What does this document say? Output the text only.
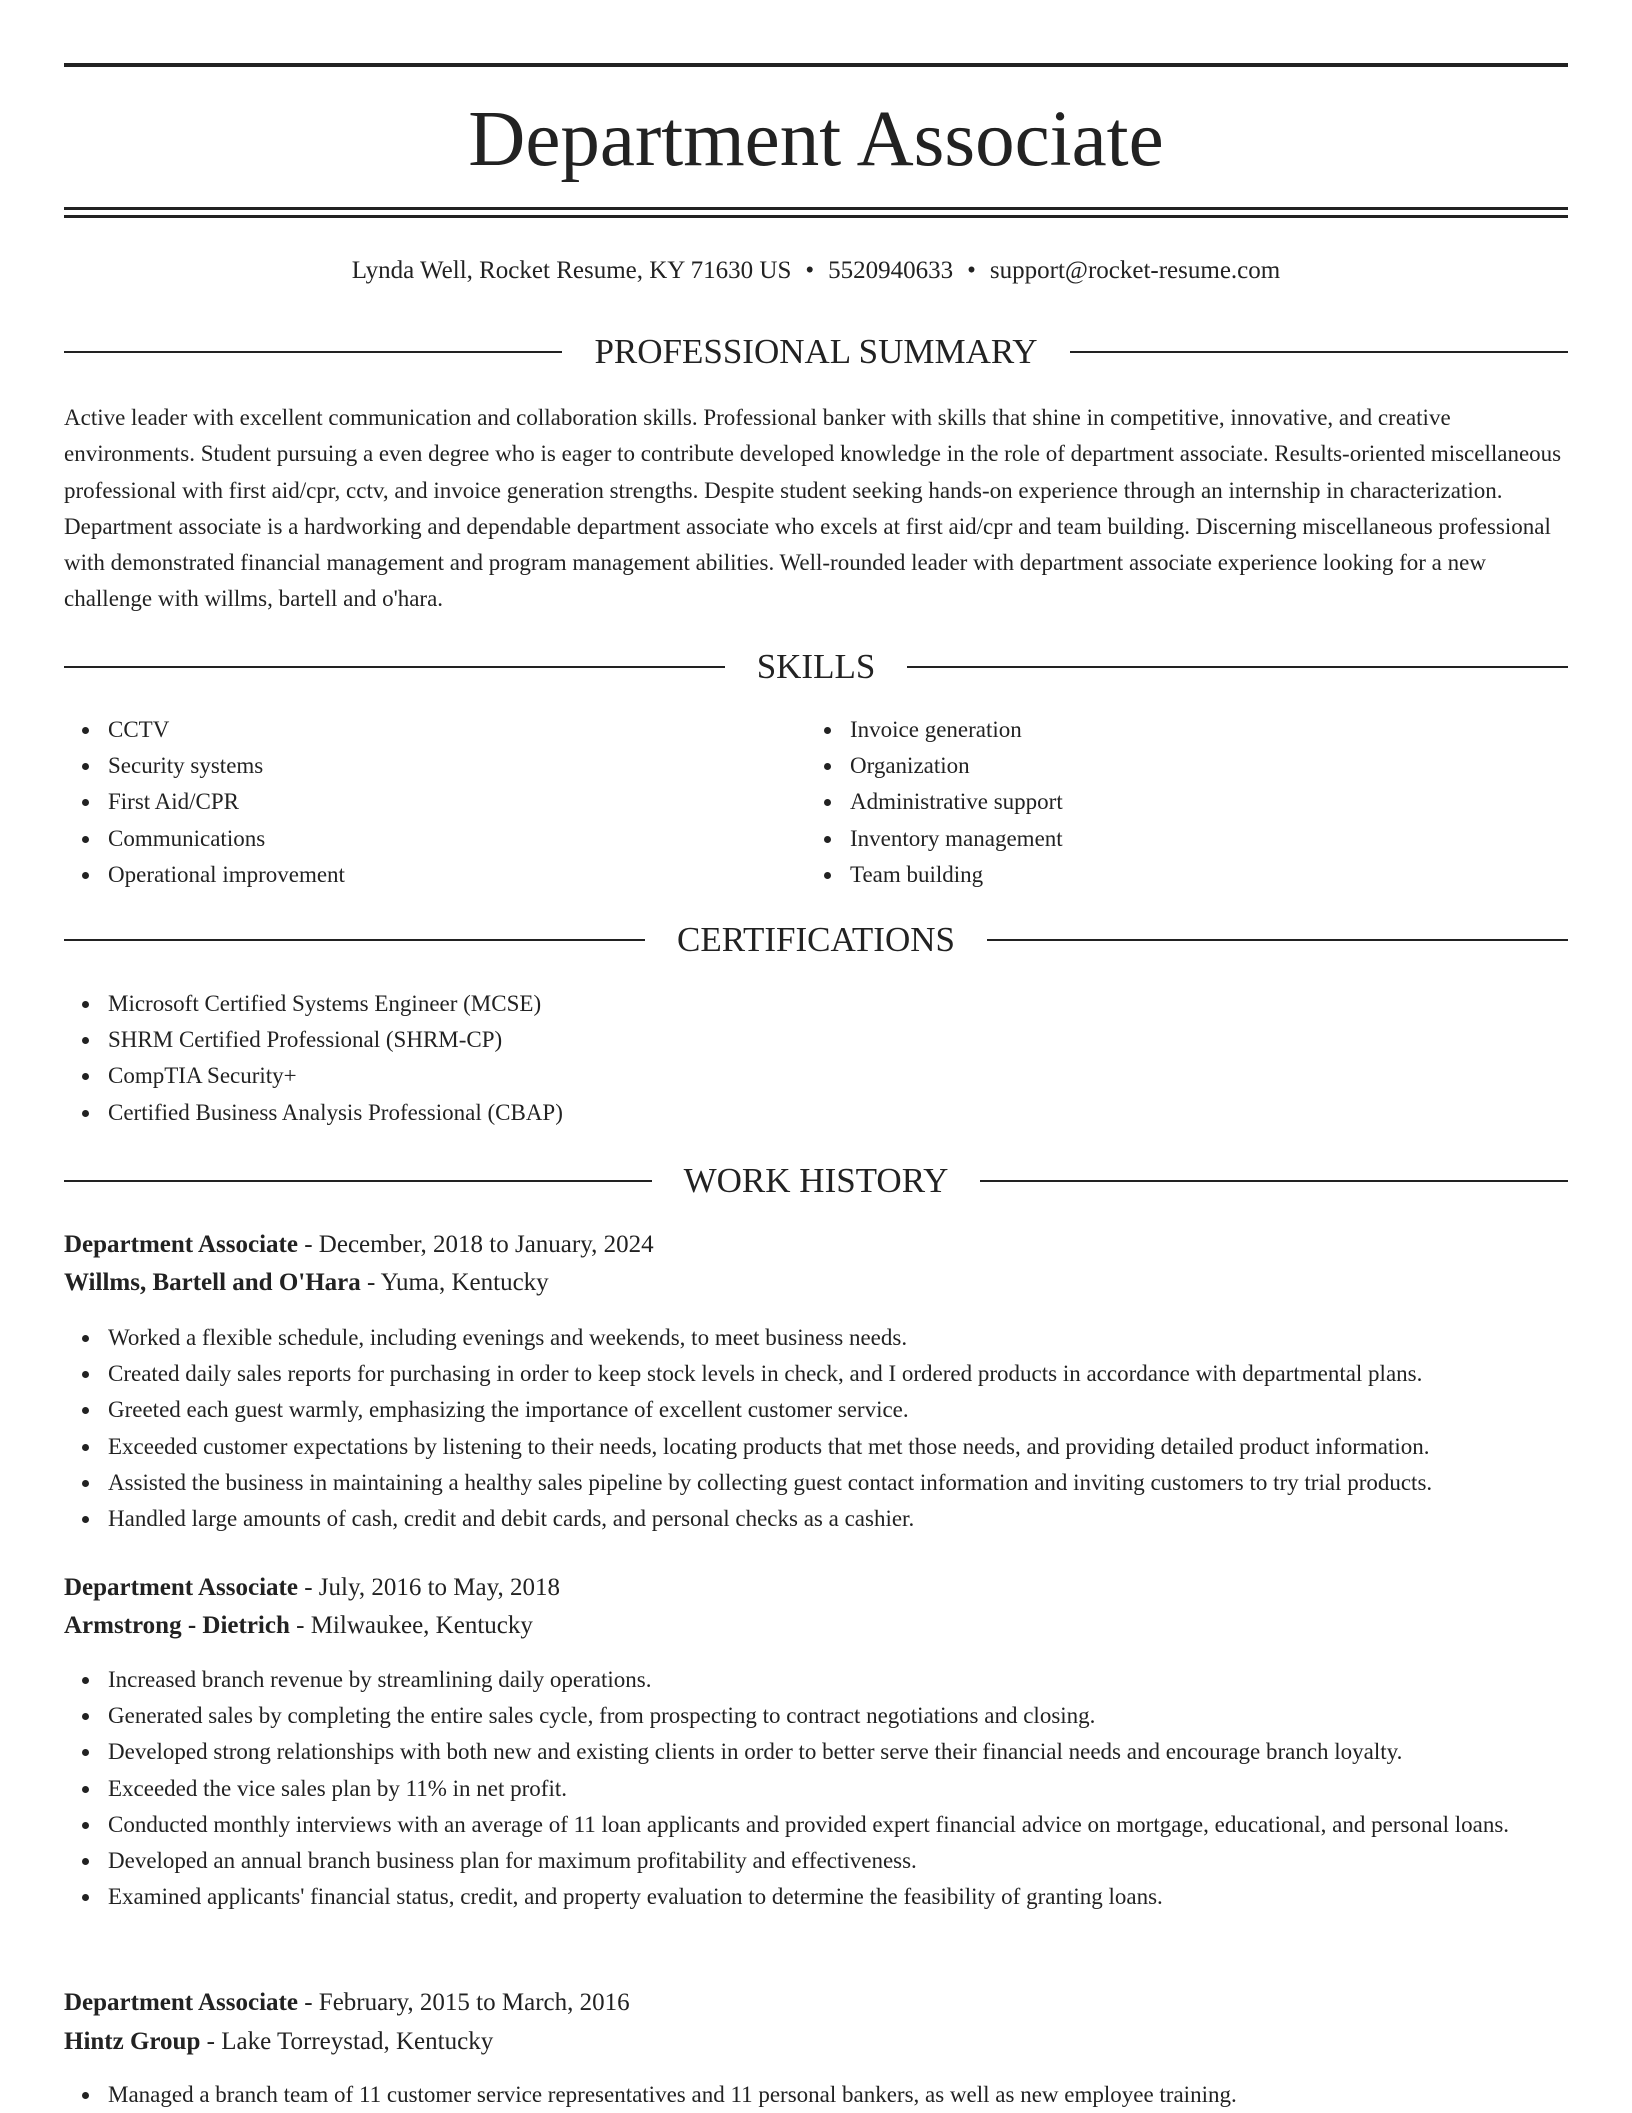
Department Associate
Lynda Well, Rocket Resume, KY 71630 US • 5520940633 • support@rocket-resume.com
PROFESSIONAL SUMMARY

Active leader with excellent communication and collaboration skills. Professional banker with skills that shine in competitive, innovative, and creative environments. Student pursuing a even degree who is eager to contribute developed knowledge in the role of department associate. Results-oriented miscellaneous professional with first aid/cpr, cctv, and invoice generation strengths. Despite student seeking hands-on experience through an internship in characterization. Department associate is a hardworking and dependable department associate who excels at first aid/cpr and team building. Discerning miscellaneous professional with demonstrated financial management and program management abilities. Well-rounded leader with department associate experience looking for a new challenge with willms, bartell and o'hara.

SKILLS
CCTV
Security systems
First Aid/CPR
Communications
Operational improvement
Invoice generation
Organization
Administrative support
Inventory management
Team building
CERTIFICATIONS
Microsoft Certified Systems Engineer (MCSE)
SHRM Certified Professional (SHRM-CP)
CompTIA Security+
Certified Business Analysis Professional (CBAP)
WORK HISTORY
Department Associate - December, 2018 to January, 2024
Willms, Bartell and O'Hara - Yuma, Kentucky
Worked a flexible schedule, including evenings and weekends, to meet business needs.
Created daily sales reports for purchasing in order to keep stock levels in check, and I ordered products in accordance with departmental plans.
Greeted each guest warmly, emphasizing the importance of excellent customer service.
Exceeded customer expectations by listening to their needs, locating products that met those needs, and providing detailed product information.
Assisted the business in maintaining a healthy sales pipeline by collecting guest contact information and inviting customers to try trial products.
Handled large amounts of cash, credit and debit cards, and personal checks as a cashier.
Department Associate - July, 2016 to May, 2018
Armstrong - Dietrich - Milwaukee, Kentucky
Increased branch revenue by streamlining daily operations.
Generated sales by completing the entire sales cycle, from prospecting to contract negotiations and closing.
Developed strong relationships with both new and existing clients in order to better serve their financial needs and encourage branch loyalty.
Exceeded the vice sales plan by 11% in net profit.
Conducted monthly interviews with an average of 11 loan applicants and provided expert financial advice on mortgage, educational, and personal loans.
Developed an annual branch business plan for maximum profitability and effectiveness.
Examined applicants' financial status, credit, and property evaluation to determine the feasibility of granting loans.
Department Associate - February, 2015 to March, 2016
Hintz Group - Lake Torreystad, Kentucky
Managed a branch team of 11 customer service representatives and 11 personal bankers, as well as new employee training.
